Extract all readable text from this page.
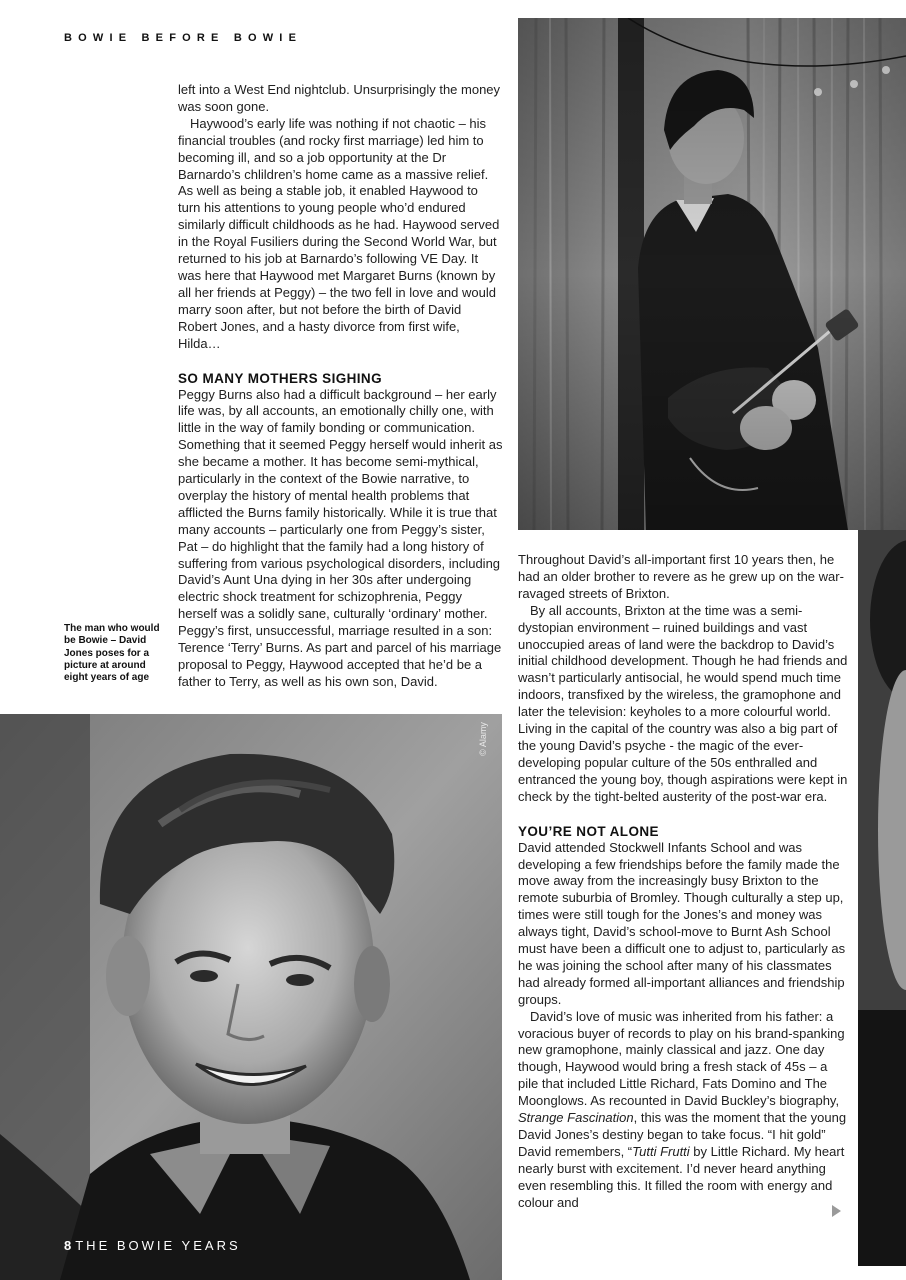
BOWIE BEFORE BOWIE

left into a West End nightclub. Unsurprisingly the money was soon gone.

Haywood’s early life was nothing if not chaotic – his financial troubles (and rocky first marriage) led him to becoming ill, and so a job opportunity at the Dr Barnardo’s chlildren’s home came as a massive relief. As well as being a stable job, it enabled Haywood to turn his attentions to young people who’d endured similarly difficult childhoods as he had. Haywood served in the Royal Fusiliers during the Second World War, but returned to his job at Barnardo’s following VE Day. It was here that Haywood met Margaret Burns (known by all her friends at Peggy) – the two fell in love and would marry soon after, but not before the birth of David Robert Jones, and a hasty divorce from first wife, Hilda…

SO MANY MOTHERS SIGHING

Peggy Burns also had a difficult background – her early life was, by all accounts, an emotionally chilly one, with little in the way of family bonding or communication. Something that it seemed Peggy herself would inherit as she became a mother. It has become semi-mythical, particularly in the context of the Bowie narrative, to overplay the history of mental health problems that afflicted the Burns family historically. While it is true that many accounts – particularly one from Peggy’s sister, Pat – do highlight that the family had a long history of suffering from various psychological disorders, including David’s Aunt Una dying in her 30s after undergoing electric shock treatment for schizophrenia, Peggy herself was a solidly sane, culturally ‘ordinary’ mother. Peggy’s first, unsuccessful, marriage resulted in a son: Terence ‘Terry’ Burns. As part and parcel of his marriage proposal to Peggy, Haywood accepted that he’d be a father to Terry, as well as his own son, David.

The man who would be Bowie – David Jones poses for a picture at around eight years of age
© Alamy

Throughout David’s all-important first 10 years then, he had an older brother to revere as he grew up on the war-ravaged streets of Brixton.

By all accounts, Brixton at the time was a semi-dystopian environment – ruined buildings and vast unoccupied areas of land were the backdrop to David’s initial childhood development. Though he had friends and wasn’t particularly antisocial, he would spend much time indoors, transfixed by the wireless, the gramophone and later the television: keyholes to a more colourful world. Living in the capital of the country was also a big part of the young David’s psyche - the magic of the ever-developing popular culture of the 50s enthralled and entranced the young boy, though aspirations were kept in check by the tight-belted austerity of the post-war era.

YOU’RE NOT ALONE

David attended Stockwell Infants School and was developing a few friendships before the family made the move away from the increasingly busy Brixton to the remote suburbia of Bromley. Though culturally a step up, times were still tough for the Jones’s and money was always tight, David’s school-move to Burnt Ash School must have been a difficult one to adjust to, particularly as he was joining the school after many of his classmates had already formed all-important alliances and friendship groups.

David’s love of music was inherited from his father: a voracious buyer of records to play on his brand-spanking new gramophone, mainly classical and jazz. One day though, Haywood would bring a fresh stack of 45s – a pile that included Little Richard, Fats Domino and The Moonglows. As recounted in David Buckley’s biography, Strange Fascination, this was the moment that the young David Jones’s destiny began to take focus. “I hit gold” David remembers, “Tutti Frutti by Little Richard. My heart nearly burst with excitement. I’d never heard anything even resembling this. It filled the room with energy and colour and

8 THE BOWIE YEARS
